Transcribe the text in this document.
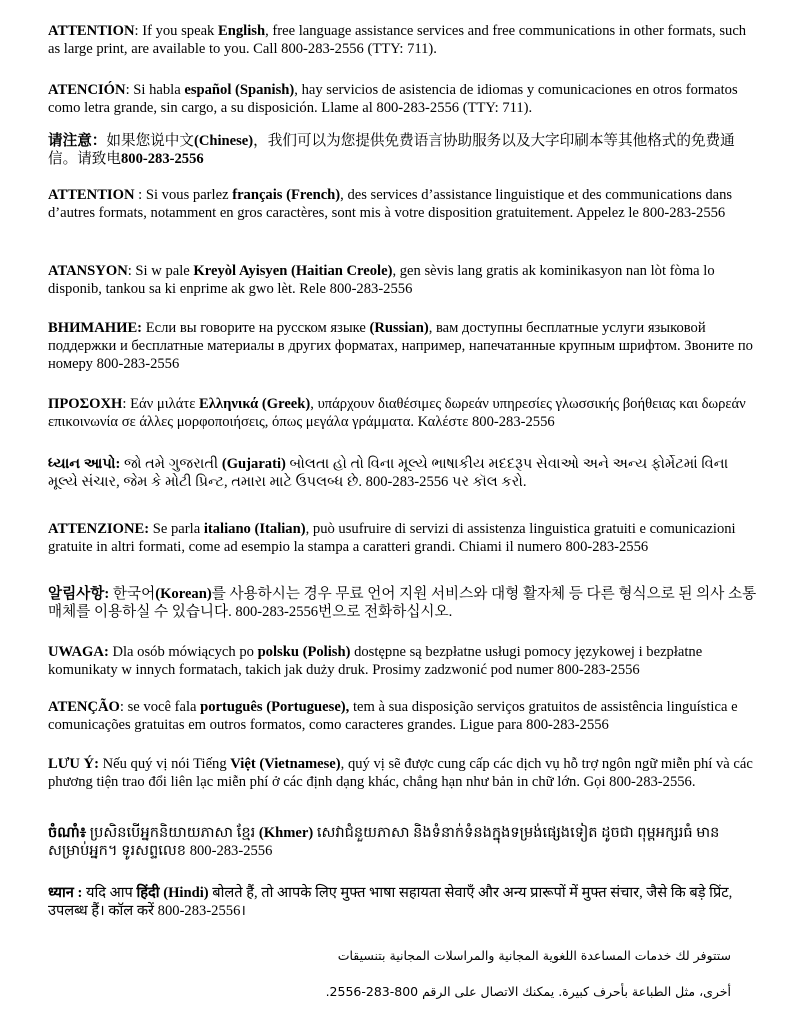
ATTENTION: If you speak English, free language assistance services and free communications in other formats, such as large print, are available to you. Call 800-283-2556 (TTY: 711).

ATENCIÓN: Si habla español (Spanish), hay servicios de asistencia de idiomas y comunicaciones en otros formatos como letra grande, sin cargo, a su disposición. Llame al 800-283-2556 (TTY: 711).

请注意：如果您说中文(Chinese)，我们可以为您提供免费语言协助服务以及大字印刷本等其他格式的免费通信。请致电800-283-2556

ATTENTION : Si vous parlez français (French), des services d’assistance linguistique et des communications dans d’autres formats, notamment en gros caractères, sont mis à votre disposition gratuitement. Appelez le 800-283-2556

ATANSYON: Si w pale Kreyòl Ayisyen (Haitian Creole), gen sèvis lang gratis ak kominikasyon nan lòt fòma lo disponib, tankou sa ki enprime ak gwo lèt. Rele 800-283-2556

ВНИМАНИЕ: Если вы говорите на русском языке (Russian), вам доступны бесплатные услуги языковой поддержки и бесплатные материалы в других форматах, например, напечатанные крупным шрифтом. Звоните по номеру 800-283-2556

ΠΡΟΣΟΧΗ: Εάν μιλάτε Ελληνικά (Greek), υπάρχουν διαθέσιμες δωρεάν υπηρεσίες γλωσσικής βοήθειας και δωρεάν επικοινωνία σε άλλες μορφοποιήσεις, όπως μεγάλα γράμματα. Καλέστε 800-283-2556

ધ્યાન આપો: જો તમે ગુજરાતી (Gujarati) બોલતા હો તો વિના મૂલ્યે ભાષાકીય મદદરૂપ સેવાઓ અને અન્ય ફોર્મેટમાં વિના મૂલ્યે સંચાર, જેમ કે મોટી પ્રિન્ટ, તમારા માટે ઉપલબ્ધ છે. 800-283-2556 પર કૉલ કરો.

ATTENZIONE: Se parla italiano (Italian), può usufruire di servizi di assistenza linguistica gratuiti e comunicazioni gratuite in altri formati, come ad esempio la stampa a caratteri grandi. Chiami il numero 800-283-2556

알림사항: 한국어(Korean)를 사용하시는 경우 무료 언어 지원 서비스와 대형 활자체 등 다른 형식으로 된 의사 소통 매체를 이용하실 수 있습니다. 800-283-2556번으로 전화하십시오.

UWAGA: Dla osób mówiących po polsku (Polish) dostępne są bezpłatne usługi pomocy językowej i bezpłatne komunikaty w innych formatach, takich jak duży druk. Prosimy zadzwonić pod numer 800-283-2556

ATENÇÃO: se você fala português (Portuguese), tem à sua disposição serviços gratuitos de assistência linguística e comunicações gratuitas em outros formatos, como caracteres grandes. Ligue para 800-283-2556

LƯU Ý: Nếu quý vị nói Tiếng Việt (Vietnamese), quý vị sẽ được cung cấp các dịch vụ hỗ trợ ngôn ngữ miễn phí và các phương tiện trao đổi liên lạc miễn phí ở các định dạng khác, chẳng hạn như bản in chữ lớn. Gọi 800-283-2556.

ចំណាំ៖ ប្រសិនបើអ្នកនិយាយភាសា ខ្មែរ (Khmer) សេវាជំនួយភាសា និងទំនាក់ទំនងក្នុងទម្រង់ផ្សេងទៀត ដូចជា ពុម្ពអក្សរធំ មានសម្រាប់អ្នក។ ទូរសព្ទលេខ 800-283-2556

ध्यान : यदि आप हिंदी (Hindi) बोलते हैं, तो आपके लिए मुफ्त भाषा सहायता सेवाएँ और अन्य प्रारूपों में मुफ्त संचार, जैसे कि बड़े प्रिंट, उपलब्ध हैं। कॉल करें 800-283-2556।

ستتوفر لك خدمات المساعدة اللغوية المجانية والمراسلات المجانية بتنسيقات
أخرى، مثل الطباعة بأحرف كبيرة. يمكنك الاتصال على الرقم 800-283-2556.
